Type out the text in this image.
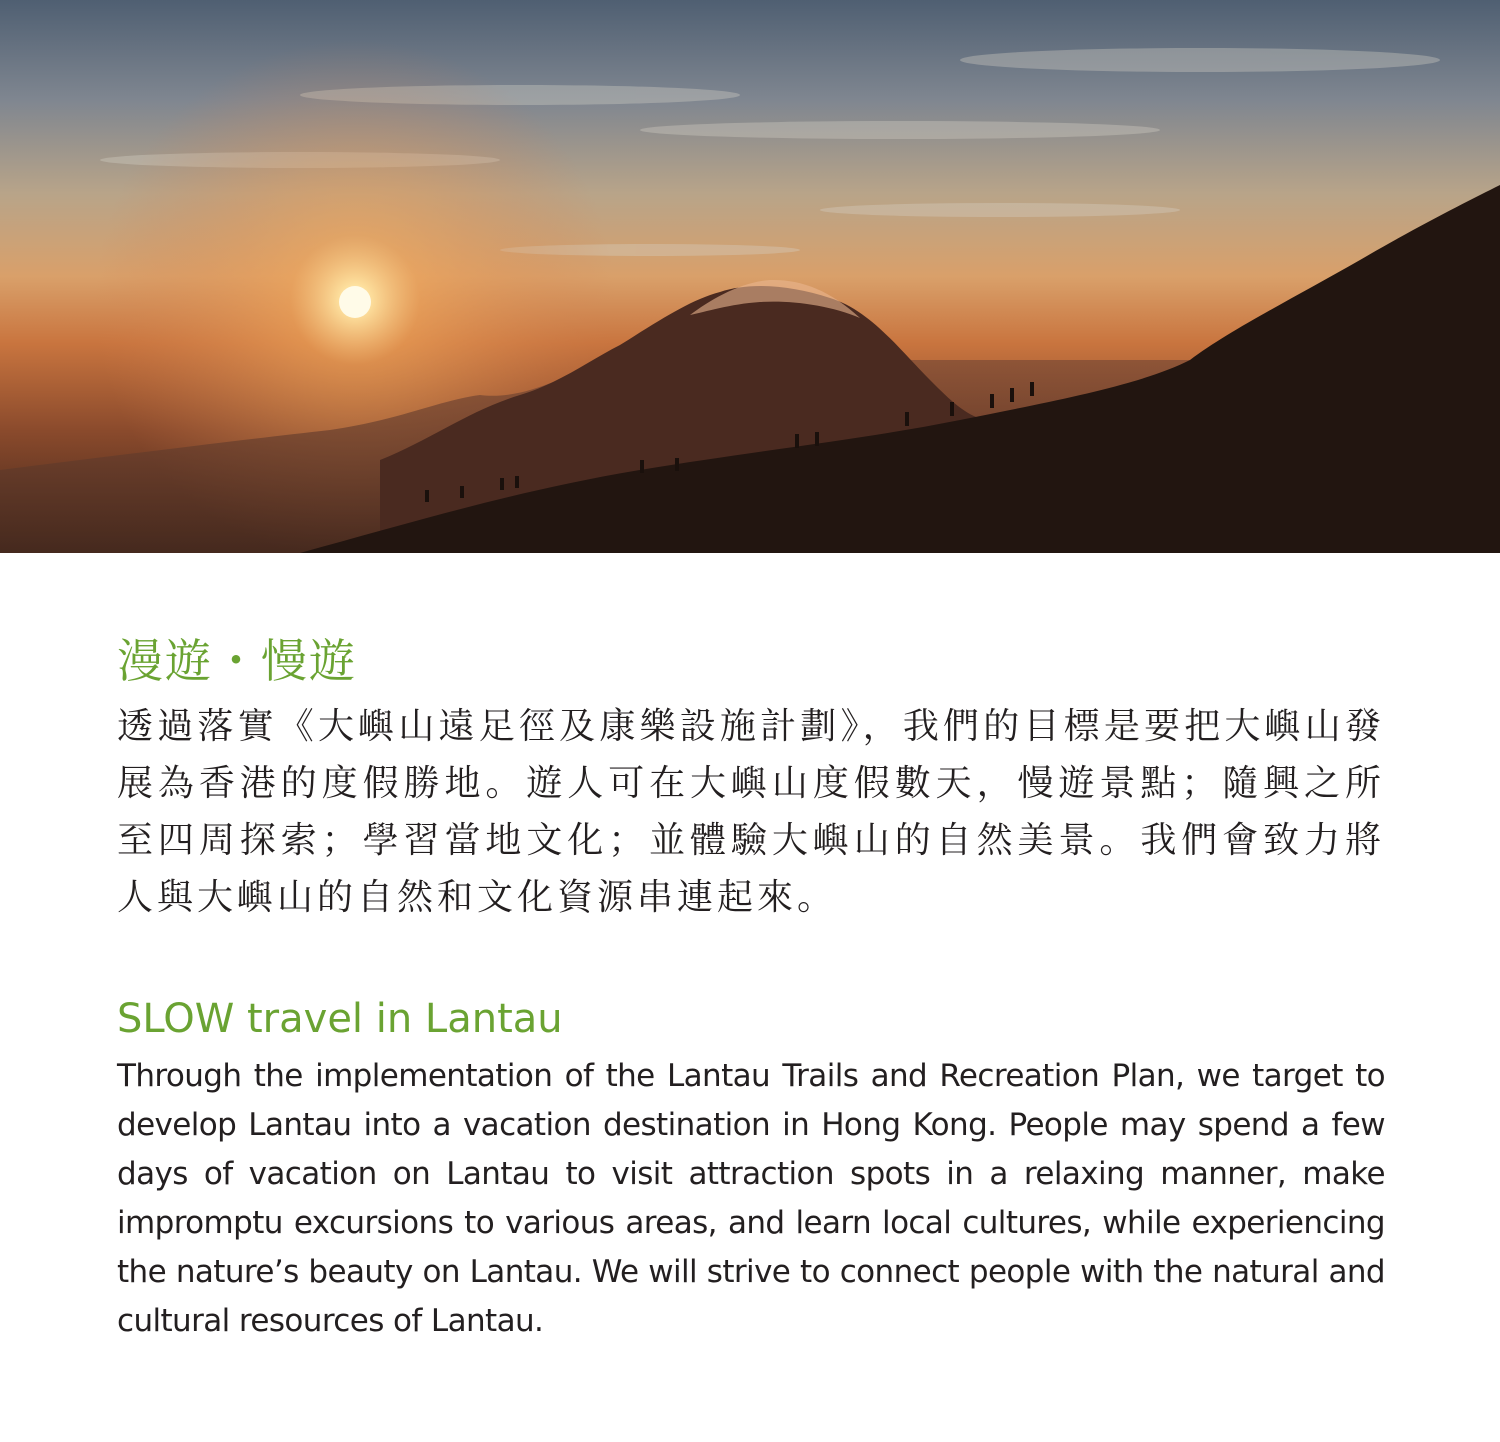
漫遊・慢遊

透過落實《大嶼山遠足徑及康樂設施計劃》，我們的目標是要把大嶼山發展為香港的度假勝地。遊人可在大嶼山度假數天，慢遊景點；隨興之所至四周探索；學習當地文化；並體驗大嶼山的自然美景。我們會致力將人與大嶼山的自然和文化資源串連起來。

SLOW travel in Lantau

Through the implementation of the Lantau Trails and Recreation Plan, we target to develop Lantau into a vacation destination in Hong Kong. People may spend a few days of vacation on Lantau to visit attraction spots in a relaxing manner, make impromptu excursions to various areas, and learn local cultures, while experiencing the nature’s beauty on Lantau. We will strive to connect people with the natural and cultural resources of Lantau.
